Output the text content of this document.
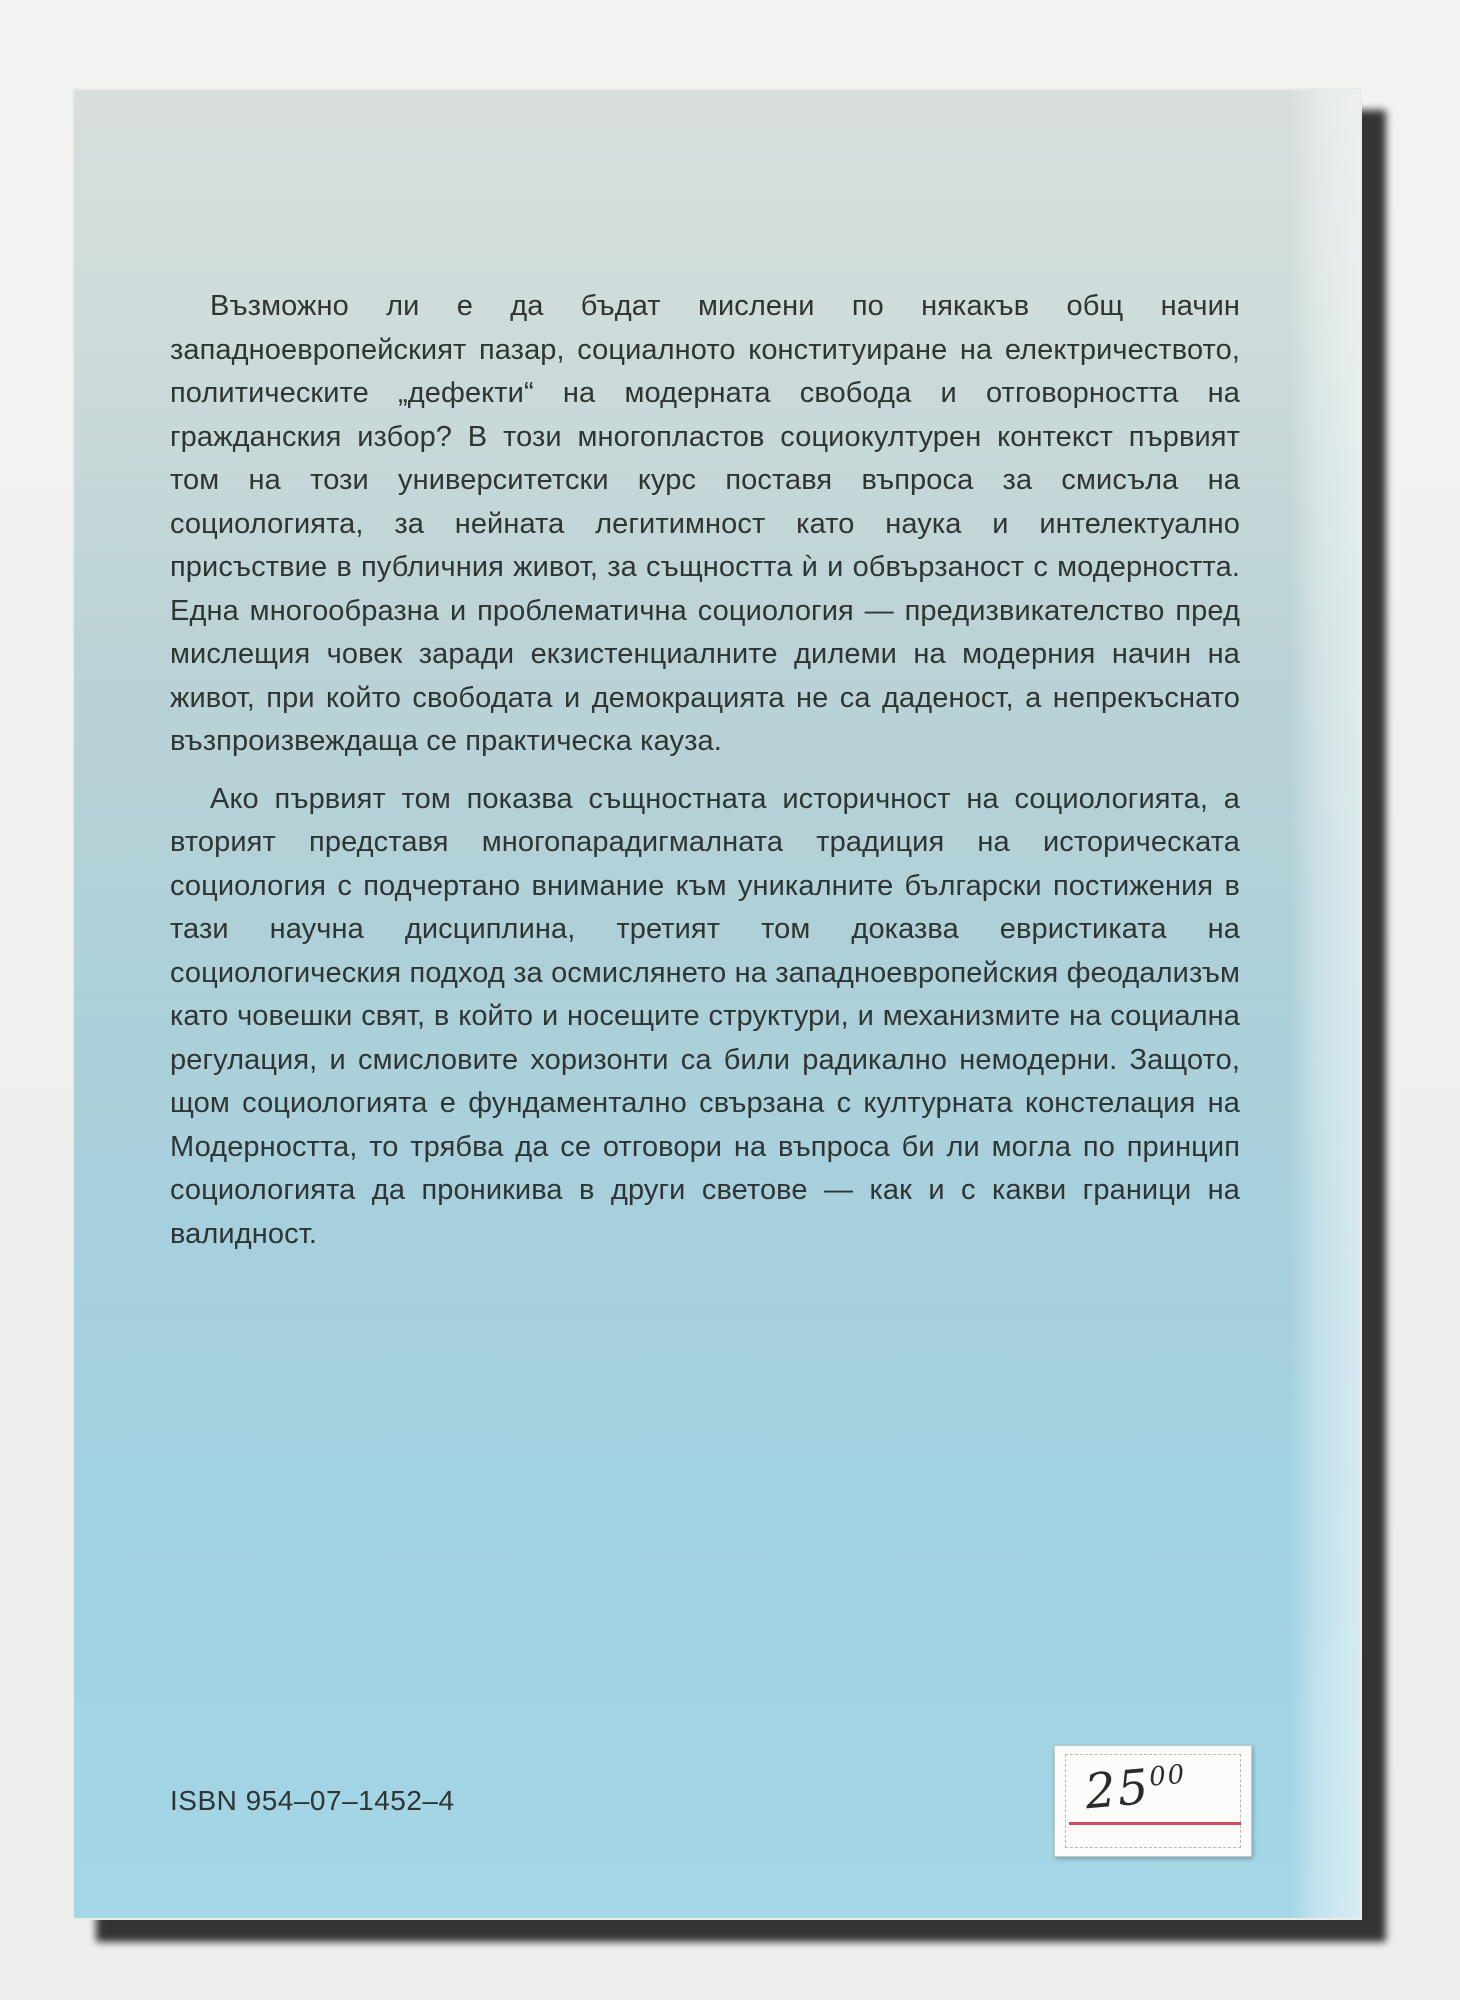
Възможно ли е да бъдат мислени по някакъв общ начин западноевропейският пазар, социалното конституиране на електричеството, политическите „дефекти“ на модерната свобода и отговорността на гражданския избор? В този многопластов социокултурен контекст първият том на този университетски курс поставя въпроса за смисъла на социологията, за нейната легитимност като наука и интелектуално присъствие в публичния живот, за същността ѝ и обвързаност с модерността. Една многообразна и проблематична социология — предизвикателство пред мислещия човек заради екзистенциалните дилеми на модерния начин на живот, при който свободата и демокрацията не са даденост, а непрекъснато възпроизвеждаща се практическа кауза.

Ако първият том показва същностната историчност на социологията, а вторият представя многопарадигмалната традиция на историческата социология с подчертано внимание към уникалните български постижения в тази научна дисциплина, третият том доказва евристиката на социологическия подход за осмислянето на западноевропейския феодализъм като човешки свят, в който и носещите структури, и механизмите на социална регулация, и смисловите хоризонти са били радикално немодерни. Защото, щом социологията е фундаментално свързана с културната констелация на Модерността, то трябва да се отговори на въпроса би ли могла по принцип социологията да проникива в други светове — как и с какви граници на валидност.

ISBN 954–07–1452–4	$25^{00}$
